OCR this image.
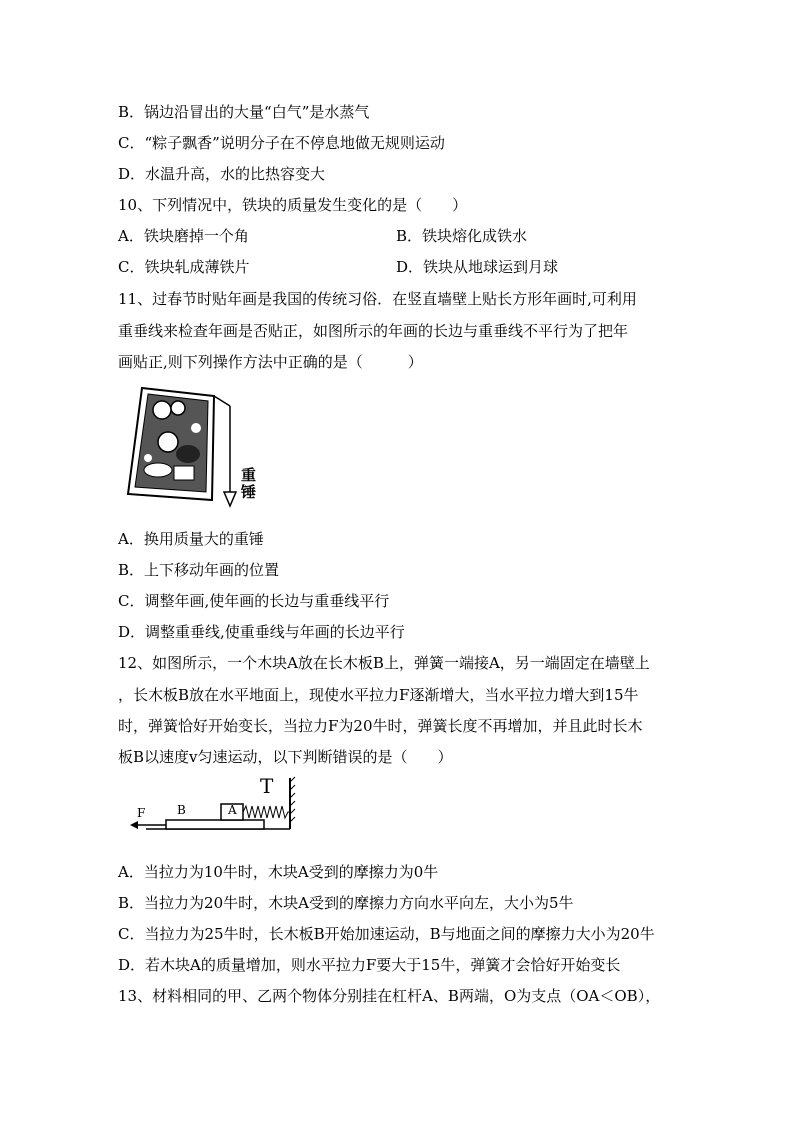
B．锅边沿冒出的大量“白气”是水蒸气
C．“粽子飘香”说明分子在不停息地做无规则运动
D．水温升高，水的比热容变大
10、下列情况中，铁块的质量发生变化的是（　　）
A．铁块磨掉一个角	B．铁块熔化成铁水
C．铁块轧成薄铁片	D．铁块从地球运到月球
11、过春节时贴年画是我国的传统习俗．在竖直墙壁上贴长方形年画时,可利用
重垂线来检查年画是否贴正，如图所示的年画的长边与重垂线不平行为了把年
画贴正,则下列操作方法中正确的是（　　　）
重锤
A．换用质量大的重锤
B．上下移动年画的位置
C．调整年画,使年画的长边与重垂线平行
D．调整重垂线,使重垂线与年画的长边平行
12、如图所示，一个木块A放在长木板B上，弹簧一端接A，另一端固定在墙壁上
，长木板B放在水平地面上，现使水平拉力F逐渐增大，当水平拉力增大到15牛
时，弹簧恰好开始变长，当拉力F为20牛时，弹簧长度不再增加，并且此时长木
板B以速度v匀速运动，以下判断错误的是（　　）
F	B	A
T
A．当拉力为10牛时，木块A受到的摩擦力为0牛
B．当拉力为20牛时，木块A受到的摩擦力方向水平向左，大小为5牛
C．当拉力为25牛时，长木板B开始加速运动，B与地面之间的摩擦力大小为20牛
D．若木块A的质量增加，则水平拉力F要大于15牛，弹簧才会恰好开始变长
13、材料相同的甲、乙两个物体分别挂在杠杆A、B两端，O为支点（OA＜OB），
